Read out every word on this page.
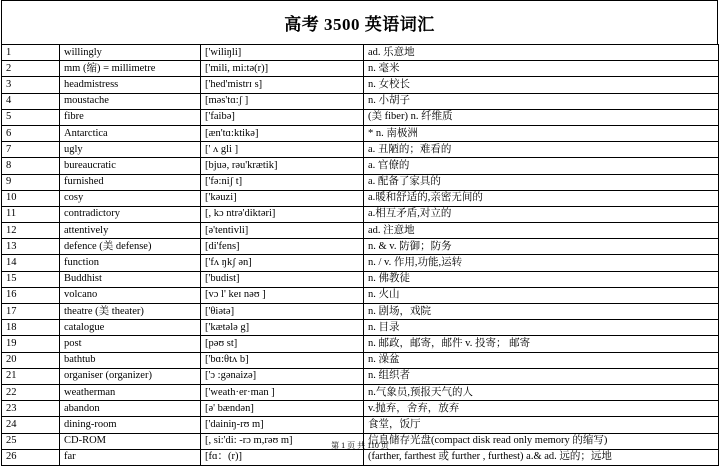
高考 3500 英语词汇
1	willingly	['wiliŋli]	ad. 乐意地
2	mm (缩) = millimetre	['mili, mi:tə(r)]	n. 毫米
3	headmistress	['hed'mistrɪ s]	n. 女校长
4	moustache	[məs'tɑ:ʃ ]	n. 小胡子
5	fibre	['faibə]	(美 fiber) n. 纤维质
6	Antarctica	[æn'tɑ:ktikə]	* n. 南极洲
7	ugly	[' ʌ gli ]	a. 丑陋的；难看的
8	bureaucratic	[bjuə, rəu'krætik]	a. 官僚的
9	furnished	['fə:niʃ t]	a. 配备了家具的
10	cosy	['kəuzi]	a.暖和舒适的,亲密无间的
11	contradictory	[, kɔ ntrə'diktəri]	a.相互矛盾,对立的
12	attentively	[ə'tentivli]	ad. 注意地
13	defence (美 defense)	[di'fens]	n. & v. 防御；防务
14	function	['fʌ ŋkʃ ən]	n. / v. 作用,功能,运转
15	Buddhist	['budist]	n. 佛教徒
16	volcano	[vɔ l' keɪ nəʊ ]	n. 火山
17	theatre (美 theater)	['θiətə]	n. 剧场，戏院
18	catalogue	['kætələ g]	n. 目录
19	post	[pəʊ st]	n. 邮政，邮寄，邮件 v. 投寄； 邮寄
20	bathtub	['bɑ:θtʌ b]	n. 澡盆
21	organiser (organizer)	['ɔ :gənaizə]	n. 组织者
22	weatherman	['weath·er·man ]	n.气象员,预报天气的人
23	abandon	[ə' bændən]	v.抛弃，舍弃，放弃
24	dining-room	['dainiŋ-rʊ m]	食堂，饭厅
25	CD-ROM	[, si:'di: -rɔ m,rəʊ m]	信息储存光盘(compact disk read only memory 的缩写)
26	far	[fɑ：(r)]	(farther, farthest 或 further , furthest) a.& ad. 远的；远地
第 1 页 共 110 页
